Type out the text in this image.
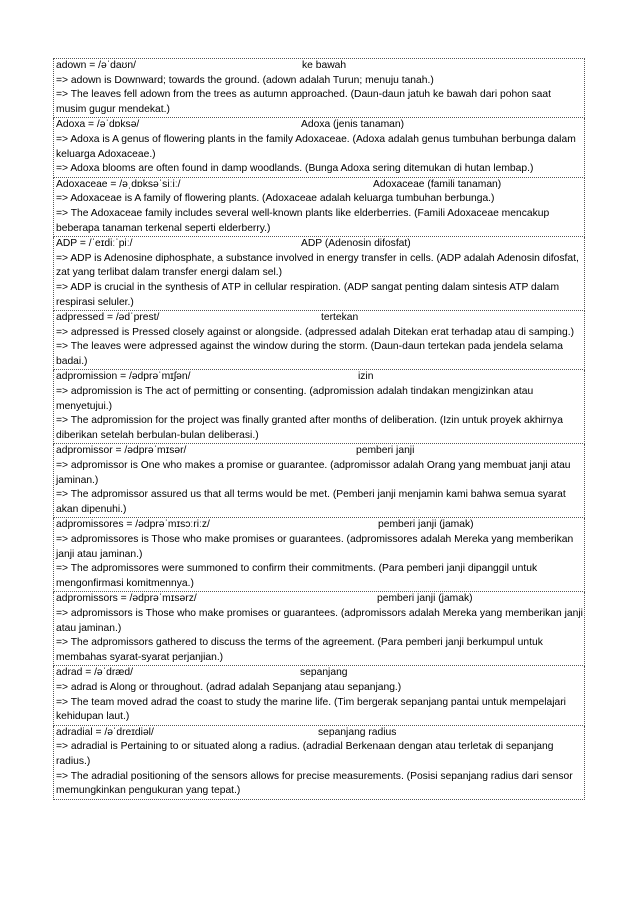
adown = /əˈdaʊn/	ke bawah
=> adown is Downward; towards the ground. (adown adalah Turun; menuju tanah.)
=> The leaves fell adown from the trees as autumn approached. (Daun-daun jatuh ke bawah dari pohon saat musim gugur mendekat.)
Adoxa = /əˈdɒksə/	Adoxa (jenis tanaman)
=> Adoxa is A genus of flowering plants in the family Adoxaceae. (Adoxa adalah genus tumbuhan berbunga dalam keluarga Adoxaceae.)
=> Adoxa blooms are often found in damp woodlands. (Bunga Adoxa sering ditemukan di hutan lembap.)
Adoxaceae = /əˌdɒksəˈsiːiː/	Adoxaceae (famili tanaman)
=> Adoxaceae is A family of flowering plants. (Adoxaceae adalah keluarga tumbuhan berbunga.)
=> The Adoxaceae family includes several well-known plants like elderberries. (Famili Adoxaceae mencakup beberapa tanaman terkenal seperti elderberry.)
ADP = /ˈeɪdiːˈpiː/	ADP (Adenosin difosfat)
=> ADP is Adenosine diphosphate, a substance involved in energy transfer in cells. (ADP adalah Adenosin difosfat, zat yang terlibat dalam transfer energi dalam sel.)
=> ADP is crucial in the synthesis of ATP in cellular respiration. (ADP sangat penting dalam sintesis ATP dalam respirasi seluler.)
adpressed = /ədˈprest/	tertekan
=> adpressed is Pressed closely against or alongside. (adpressed adalah Ditekan erat terhadap atau di samping.)
=> The leaves were adpressed against the window during the storm. (Daun-daun tertekan pada jendela selama badai.)
adpromission = /ədprəˈmɪʃən/	izin
=> adpromission is The act of permitting or consenting. (adpromission adalah tindakan mengizinkan atau menyetujui.)
=> The adpromission for the project was finally granted after months of deliberation. (Izin untuk proyek akhirnya diberikan setelah berbulan-bulan deliberasi.)
adpromissor = /ədprəˈmɪsər/	pemberi janji
=> adpromissor is One who makes a promise or guarantee. (adpromissor adalah Orang yang membuat janji atau jaminan.)
=> The adpromissor assured us that all terms would be met. (Pemberi janji menjamin kami bahwa semua syarat akan dipenuhi.)
adpromissores = /ədprəˈmɪsɔːriːz/	pemberi janji (jamak)
=> adpromissores is Those who make promises or guarantees. (adpromissores adalah Mereka yang memberikan janji atau jaminan.)
=> The adpromissores were summoned to confirm their commitments. (Para pemberi janji dipanggil untuk mengonfirmasi komitmennya.)
adpromissors = /ədprəˈmɪsərz/	pemberi janji (jamak)
=> adpromissors is Those who make promises or guarantees. (adpromissors adalah Mereka yang memberikan janji atau jaminan.)
=> The adpromissors gathered to discuss the terms of the agreement. (Para pemberi janji berkumpul untuk membahas syarat-syarat perjanjian.)
adrad = /əˈdræd/	sepanjang
=> adrad is Along or throughout. (adrad adalah Sepanjang atau sepanjang.)
=> The team moved adrad the coast to study the marine life. (Tim bergerak sepanjang pantai untuk mempelajari kehidupan laut.)
adradial = /əˈdreɪdiəl/	sepanjang radius
=> adradial is Pertaining to or situated along a radius. (adradial Berkenaan dengan atau terletak di sepanjang radius.)
=> The adradial positioning of the sensors allows for precise measurements. (Posisi sepanjang radius dari sensor memungkinkan pengukuran yang tepat.)
